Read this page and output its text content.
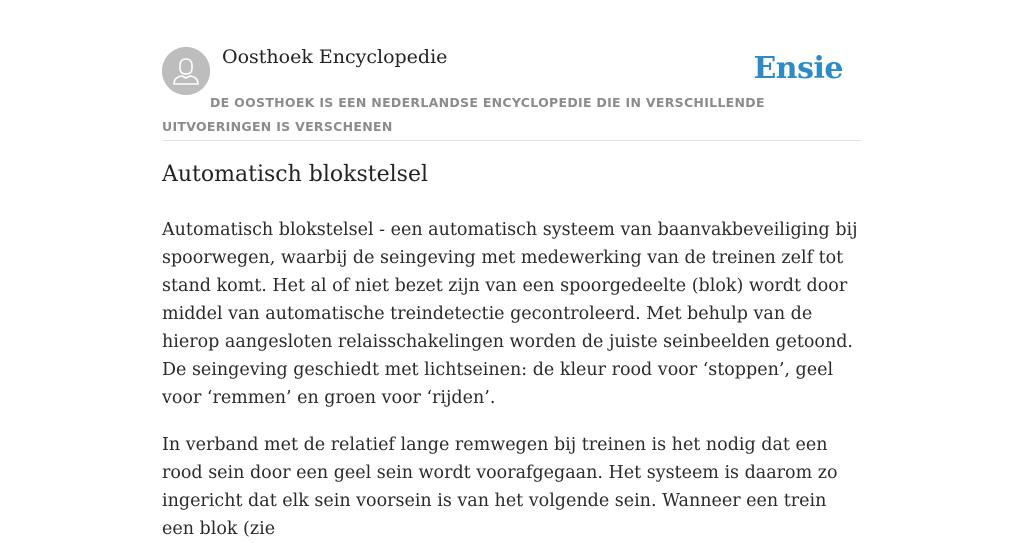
Oosthoek Encyclopedie	Ensie
DE OOSTHOEK IS EEN NEDERLANDSE ENCYCLOPEDIE DIE IN VERSCHILLENDE UITVOERINGEN IS VERSCHENEN
Automatisch blokstelsel

Automatisch blokstelsel - een automatisch systeem van baanvakbeveiliging bij spoorwegen, waarbij de seingeving met medewerking van de treinen zelf tot stand komt. Het al of niet bezet zijn van een spoorgedeelte (blok) wordt door middel van automatische treindetectie gecontroleerd. Met behulp van de hierop aangesloten relaisschakelingen worden de juiste seinbeelden getoond. De seingeving geschiedt met lichtseinen: de kleur rood voor ‘stoppen’, geel voor ‘remmen’ en groen voor ‘rijden’.

In verband met de relatief lange remwegen bij treinen is het nodig dat een rood sein door een geel sein wordt voorafgegaan. Het systeem is daarom zo ingericht dat elk sein voorsein is van het volgende sein. Wanneer een trein een blok (zie
